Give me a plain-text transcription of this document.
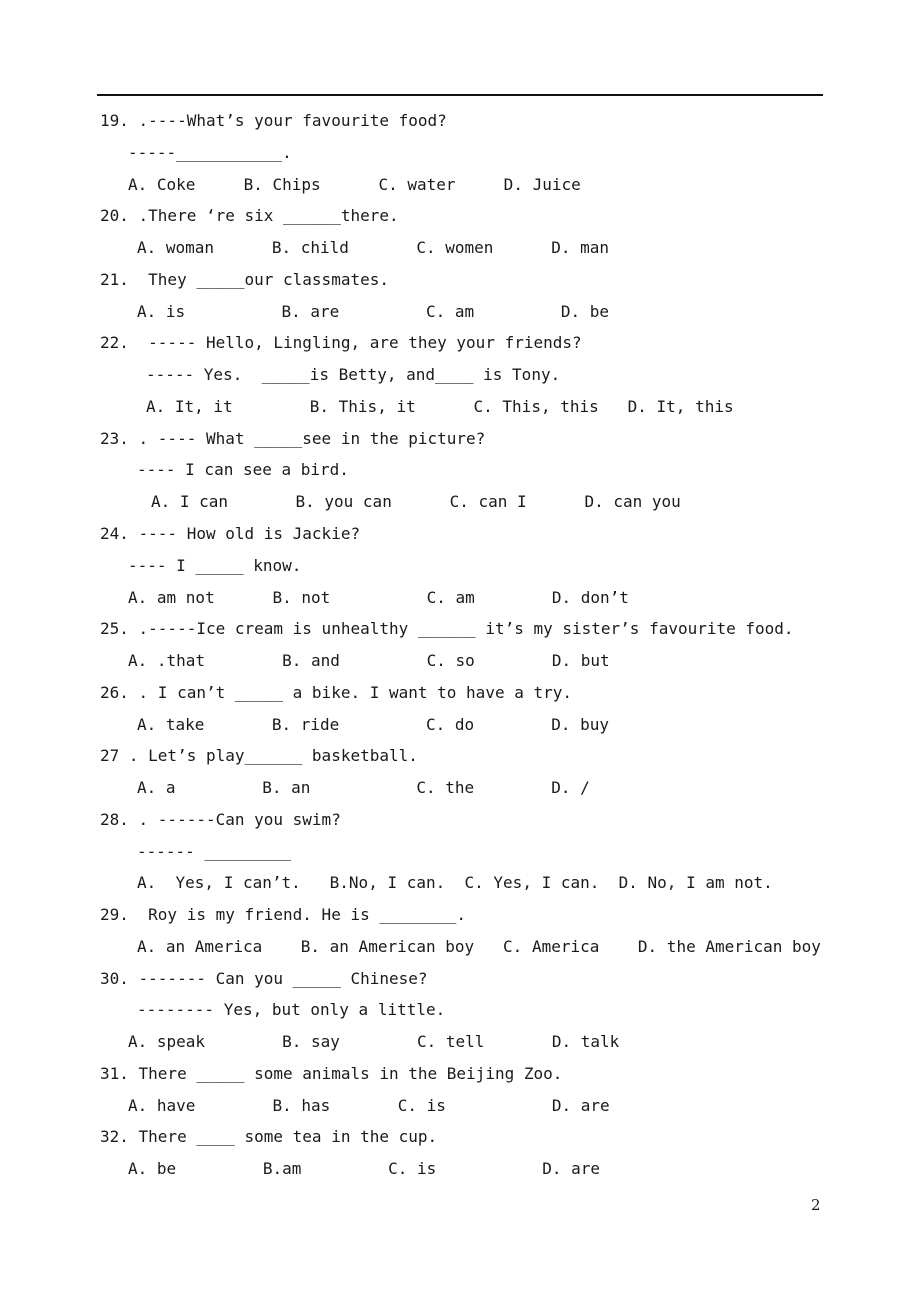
19. .----What’s your favourite food?
-----___________.
A. Coke     B. Chips      C. water     D. Juice
20. .There ‘re six ______there.
A. woman      B. child       C. women      D. man
21.  They _____our classmates.
A. is          B. are         C. am         D. be
22.  ----- Hello, Lingling, are they your friends?
----- Yes.  _____is Betty, and____ is Tony.
A. It, it        B. This, it      C. This, this   D. It, this
23. . ---- What _____see in the picture?
---- I can see a bird.
A. I can       B. you can      C. can I      D. can you
24. ---- How old is Jackie?
---- I _____ know.
A. am not      B. not          C. am        D. don’t
25. .-----Ice cream is unhealthy ______ it’s my sister’s favourite food.
A. .that        B. and         C. so        D. but
26. . I can’t _____ a bike. I want to have a try.
A. take       B. ride         C. do        D. buy
27 . Let’s play______ basketball.
A. a         B. an           C. the        D. /
28. . ------Can you swim?
------ _________
A.  Yes, I can’t.   B.No, I can.  C. Yes, I can.  D. No, I am not.
29.  Roy is my friend. He is ________.
A. an America    B. an American boy   C. America    D. the American boy
30. ------- Can you _____ Chinese?
-------- Yes, but only a little.
A. speak        B. say        C. tell       D. talk
31. There _____ some animals in the Beijing Zoo.
A. have        B. has       C. is           D. are
32. There ____ some tea in the cup.
A. be         B.am         C. is           D. are
2
